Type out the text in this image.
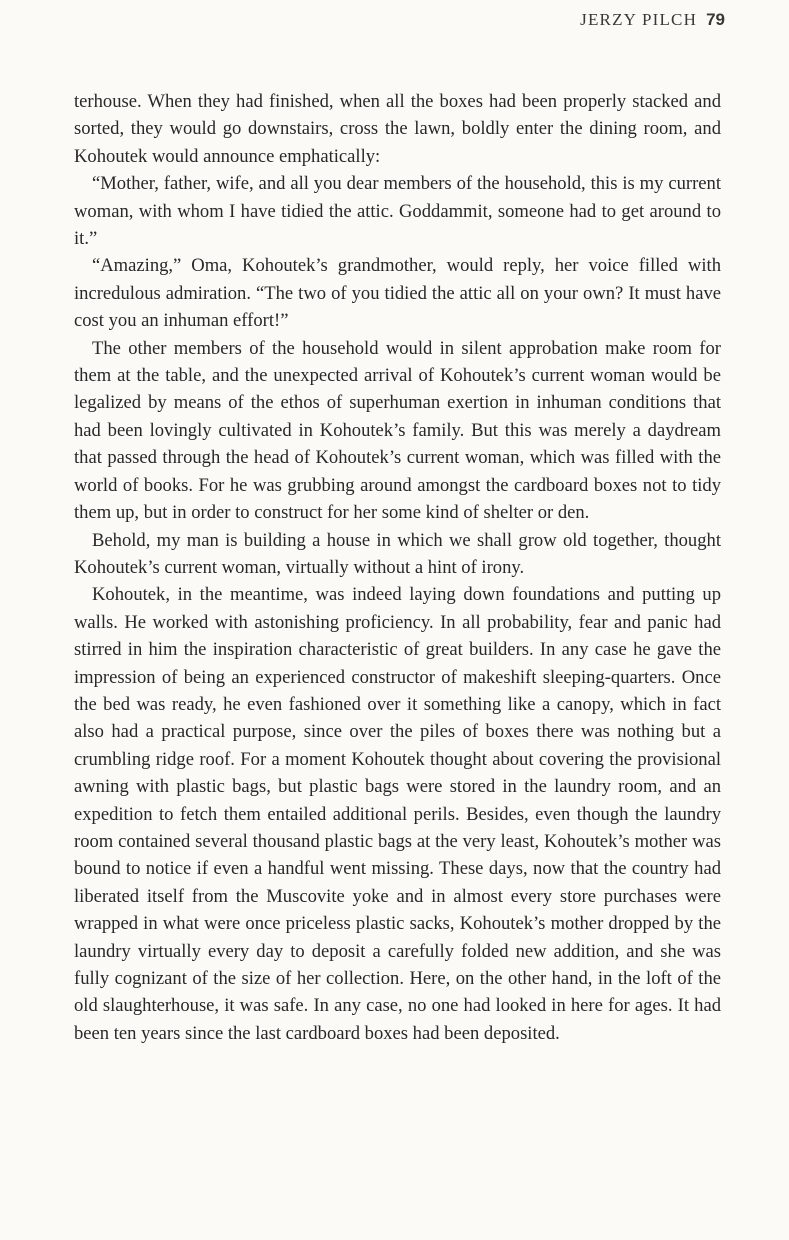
JERZY PILCH 79

terhouse. When they had finished, when all the boxes had been properly stacked and sorted, they would go downstairs, cross the lawn, boldly enter the dining room, and Kohoutek would announce emphatically:

“Mother, father, wife, and all you dear members of the household, this is my current woman, with whom I have tidied the attic. Goddammit, someone had to get around to it.”

“Amazing,” Oma, Kohoutek’s grandmother, would reply, her voice filled with incredulous admiration. “The two of you tidied the attic all on your own? It must have cost you an inhuman effort!”

The other members of the household would in silent approbation make room for them at the table, and the unexpected arrival of Kohoutek’s current woman would be legalized by means of the ethos of superhuman exertion in inhuman conditions that had been lovingly cultivated in Kohoutek’s family. But this was merely a daydream that passed through the head of Kohoutek’s current woman, which was filled with the world of books. For he was grubbing around amongst the cardboard boxes not to tidy them up, but in order to construct for her some kind of shelter or den.

Behold, my man is building a house in which we shall grow old together, thought Kohoutek’s current woman, virtually without a hint of irony.

Kohoutek, in the meantime, was indeed laying down foundations and putting up walls. He worked with astonishing proficiency. In all probability, fear and panic had stirred in him the inspiration characteristic of great builders. In any case he gave the impression of being an experienced constructor of makeshift sleeping-quarters. Once the bed was ready, he even fashioned over it something like a canopy, which in fact also had a practical purpose, since over the piles of boxes there was nothing but a crumbling ridge roof. For a moment Kohoutek thought about covering the provisional awning with plastic bags, but plastic bags were stored in the laundry room, and an expedition to fetch them entailed additional perils. Besides, even though the laundry room contained several thousand plastic bags at the very least, Kohoutek’s mother was bound to notice if even a handful went missing. These days, now that the country had liberated itself from the Muscovite yoke and in almost every store purchases were wrapped in what were once priceless plastic sacks, Kohoutek’s mother dropped by the laundry virtually every day to deposit a carefully folded new addition, and she was fully cognizant of the size of her collection. Here, on the other hand, in the loft of the old slaughterhouse, it was safe. In any case, no one had looked in here for ages. It had been ten years since the last cardboard boxes had been deposited.
